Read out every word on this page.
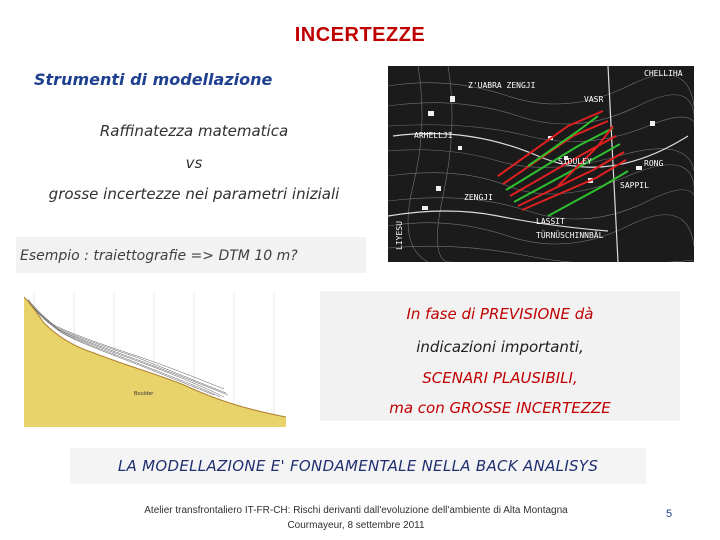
INCERTEZZE
Strumenti di modellazione
Raffinatezza matematica
vs
grosse incertezze nei parametri iniziali
Esempio : traiettografie => DTM 10 m?
Z'UABRA ZENGJI
VASR
SIDULEY	RONG
SAPPIL
ZENGJI
LASSIT
TÜRNÜSCHINNBÄL
ARHELLJI
LIYESU
CHELLIHA
Boulder
In fase di PREVISIONE dà
indicazioni importanti,
SCENARI PLAUSIBILI,
ma con GROSSE INCERTEZZE
LA MODELLAZIONE E' FONDAMENTALE NELLA BACK ANALISYS
Atelier transfrontaliero IT-FR-CH: Rischi derivanti dall'evoluzione dell'ambiente di Alta Montagna
Courmayeur, 8 settembre 2011
5
